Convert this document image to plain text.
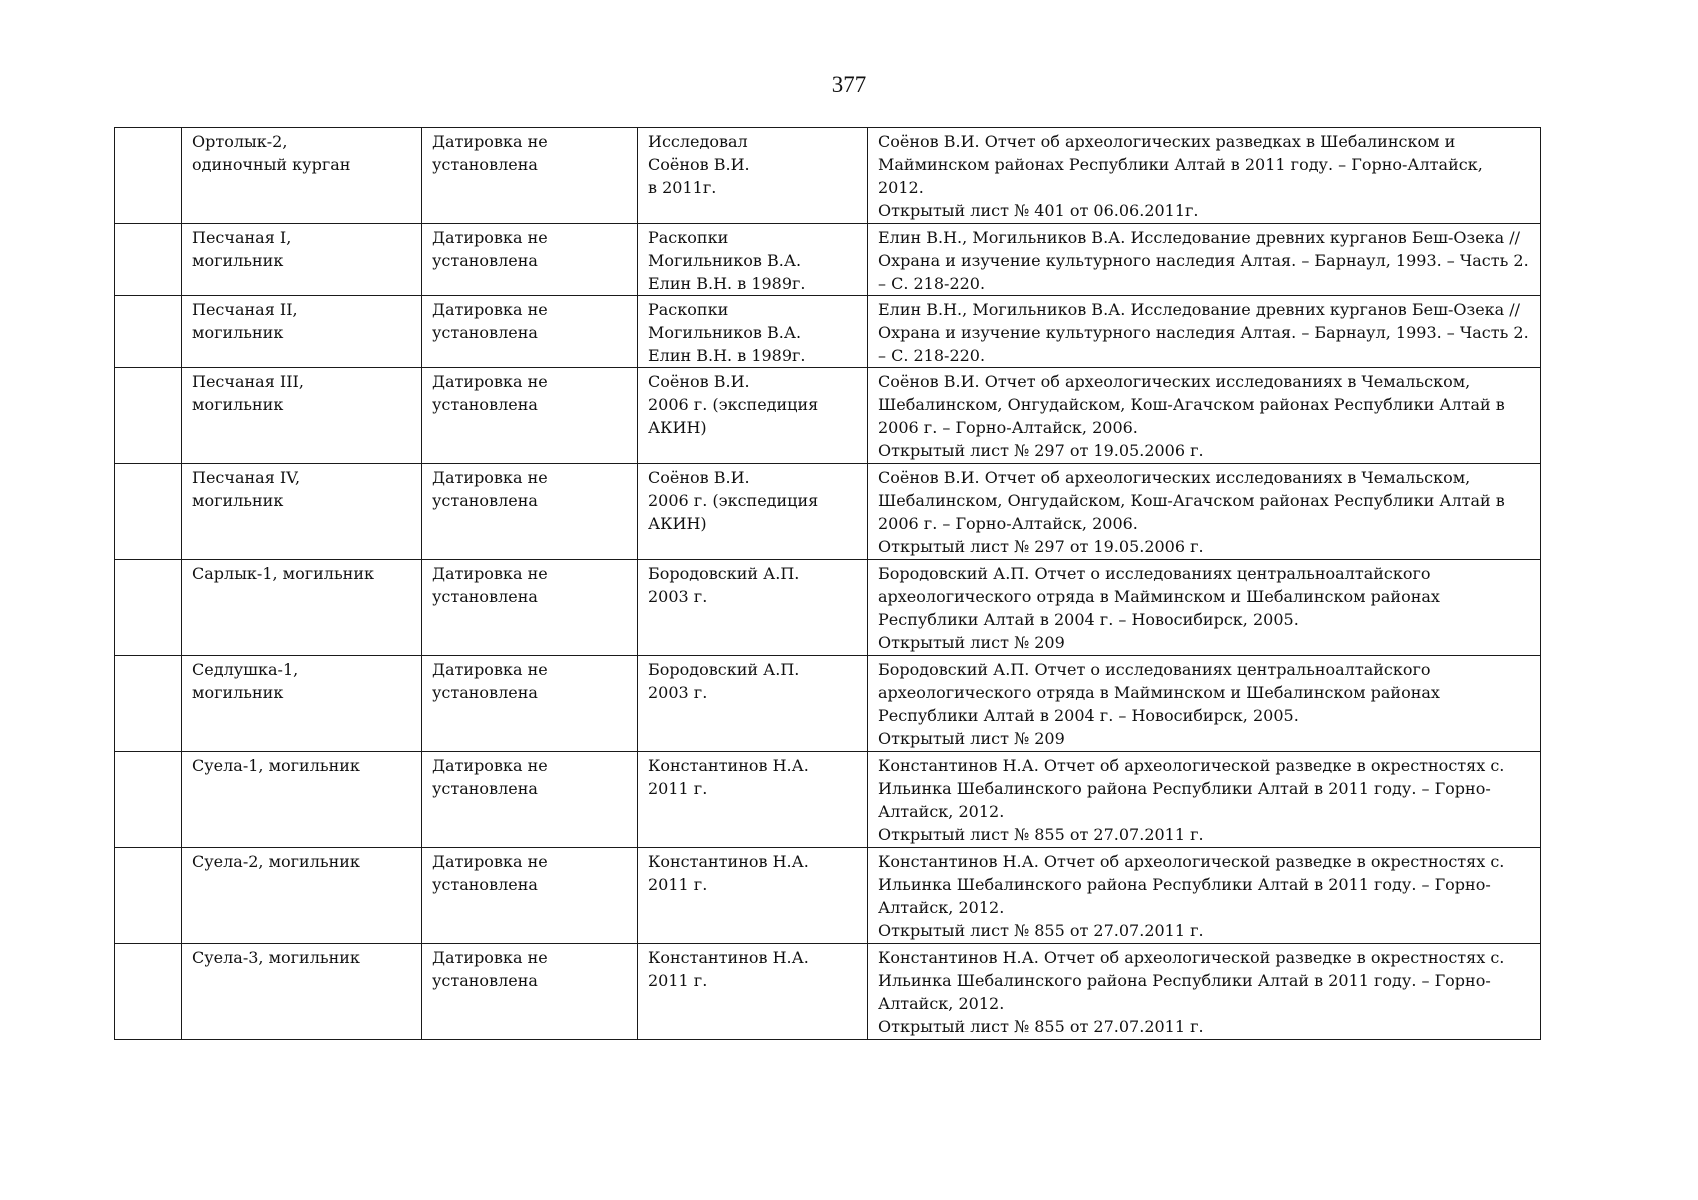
377
	Ортолык-2,
одиночный курган	Датировка не
установлена	Исследовал
Соёнов В.И.
в 2011г.	Соёнов В.И. Отчет об археологических разведках в Шебалинском и Майминском районах Республики Алтай в 2011 году. – Горно-Алтайск, 2012.
Открытый лист № 401 от 06.06.2011г.
	Песчаная I,
могильник	Датировка не
установлена	Раскопки
Могильников В.А.
Елин В.Н. в 1989г.	Елин В.Н., Могильников В.А. Исследование древних курганов Беш-Озека // Охрана и изучение культурного наследия Алтая. – Барнаул, 1993. – Часть 2. – С. 218-220.
	Песчаная II,
могильник	Датировка не
установлена	Раскопки
Могильников В.А.
Елин В.Н. в 1989г.	Елин В.Н., Могильников В.А. Исследование древних курганов Беш-Озека // Охрана и изучение культурного наследия Алтая. – Барнаул, 1993. – Часть 2. – С. 218-220.
	Песчаная III,
могильник	Датировка не
установлена	Соёнов В.И.
2006 г. (экспедиция
АКИН)	Соёнов В.И. Отчет об археологических исследованиях в Чемальском, Шебалинском, Онгудайском, Кош-Агачском районах Республики Алтай в 2006 г. – Горно-Алтайск, 2006.
Открытый лист № 297 от 19.05.2006 г.
	Песчаная IV,
могильник	Датировка не
установлена	Соёнов В.И.
2006 г. (экспедиция
АКИН)	Соёнов В.И. Отчет об археологических исследованиях в Чемальском, Шебалинском, Онгудайском, Кош-Агачском районах Республики Алтай в 2006 г. – Горно-Алтайск, 2006.
Открытый лист № 297 от 19.05.2006 г.
	Сарлык-1, могильник	Датировка не
установлена	Бородовский А.П.
2003 г.	Бородовский А.П. Отчет о исследованиях центральноалтайского археологического отряда в Майминском и Шебалинском районах Республики Алтай в 2004 г. – Новосибирск, 2005.
Открытый лист № 209
	Седлушка-1,
могильник	Датировка не
установлена	Бородовский А.П.
2003 г.	Бородовский А.П. Отчет о исследованиях центральноалтайского археологического отряда в Майминском и Шебалинском районах Республики Алтай в 2004 г. – Новосибирск, 2005.
Открытый лист № 209
	Суела-1, могильник	Датировка не
установлена	Константинов Н.А.
2011 г.	Константинов Н.А. Отчет об археологической разведке в окрестностях с. Ильинка Шебалинского района Республики Алтай в 2011 году. – Горно-Алтайск, 2012.
Открытый лист № 855 от 27.07.2011 г.
	Суела-2, могильник	Датировка не
установлена	Константинов Н.А.
2011 г.	Константинов Н.А. Отчет об археологической разведке в окрестностях с. Ильинка Шебалинского района Республики Алтай в 2011 году. – Горно-Алтайск, 2012.
Открытый лист № 855 от 27.07.2011 г.
	Суела-3, могильник	Датировка не
установлена	Константинов Н.А.
2011 г.	Константинов Н.А. Отчет об археологической разведке в окрестностях с. Ильинка Шебалинского района Республики Алтай в 2011 году. – Горно-Алтайск, 2012.
Открытый лист № 855 от 27.07.2011 г.
